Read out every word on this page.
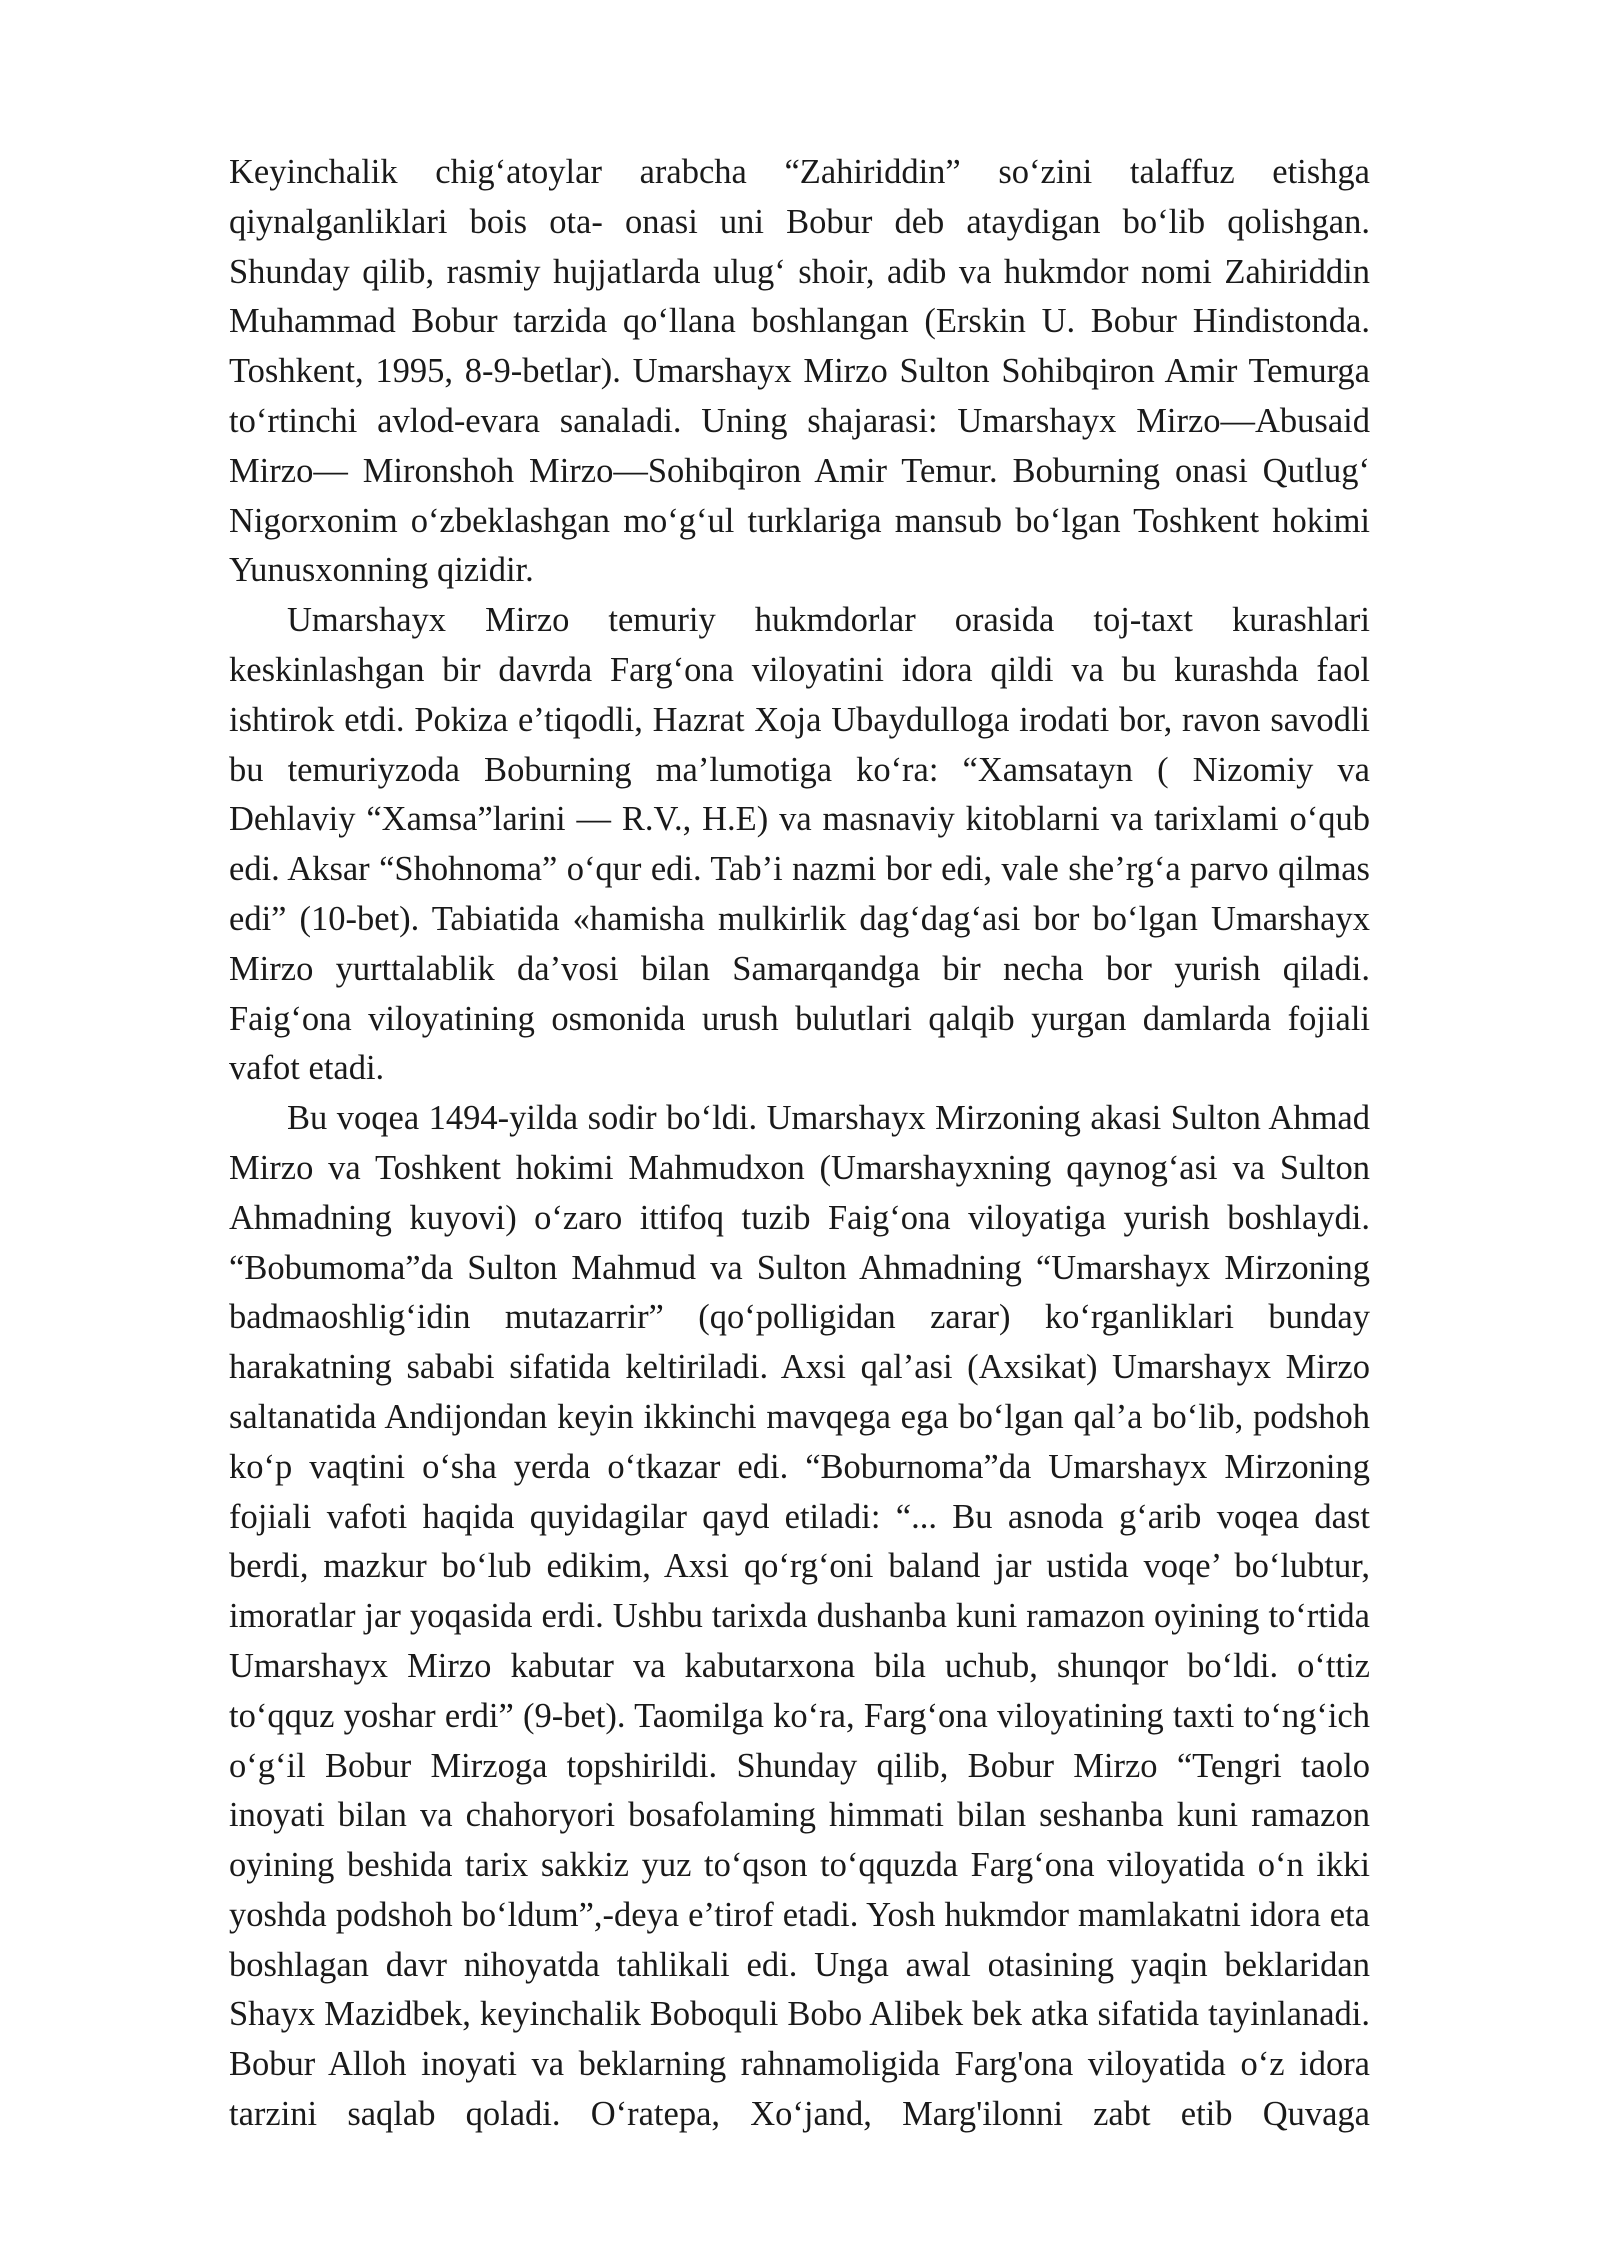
Keyinchalik chig‘atoylar arabcha “Zahiriddin” so‘zini talaffuz etishga qiynalganliklari bois ota- onasi uni Bobur deb ataydigan bo‘lib qolishgan. Shunday qilib, rasmiy hujjatlarda ulug‘ shoir, adib va hukmdor nomi Zahiriddin Muhammad Bobur tarzida qo‘llana boshlangan (Erskin U. Bobur Hindistonda. Toshkent, 1995, 8-9-betlar). Umarshayx Mirzo Sulton Sohibqiron Amir Temurga to‘rtinchi avlod-evara sanaladi. Uning shajarasi: Umarshayx Mirzo—Abusaid Mirzo— Mironshoh Mirzo—Sohibqiron Amir Temur. Boburning onasi Qutlug‘ Nigorxonim o‘zbeklashgan mo‘g‘ul turklariga mansub bo‘lgan Toshkent hokimi Yunusxonning qizidir.

Umarshayx Mirzo temuriy hukmdorlar orasida toj-taxt kurashlari keskinlashgan bir davrda Farg‘ona viloyatini idora qildi va bu kurashda faol ishtirok etdi. Pokiza e’tiqodli, Hazrat Xoja Ubaydulloga irodati bor, ravon savodli bu temuriyzoda Boburning ma’lumotiga ko‘ra: “Xamsatayn ( Nizomiy va Dehlaviy “Xamsa”larini — R.V., H.E) va masnaviy kitoblarni va tarixlami o‘qub edi. Aksar “Shohnoma” o‘qur edi. Tab’i nazmi bor edi, vale she’rg‘a parvo qilmas edi” (10-bet). Tabiatida «hamisha mulkirlik dag‘dag‘asi bor bo‘lgan Umarshayx Mirzo yurttalablik da’vosi bilan Samarqandga bir necha bor yurish qiladi. Faig‘ona viloyatining osmonida urush bulutlari qalqib yurgan damlarda fojiali vafot etadi.

Bu voqea 1494-yilda sodir bo‘ldi. Umarshayx Mirzoning akasi Sulton Ahmad Mirzo va Toshkent hokimi Mahmudxon (Umarshayxning qaynog‘asi va Sulton Ahmadning kuyovi) o‘zaro ittifoq tuzib Faig‘ona viloyatiga yurish boshlaydi. “Bobumoma”da Sulton Mahmud va Sulton Ahmadning “Umarshayx Mirzoning badmaoshlig‘idin mutazarrir” (qo‘polligidan zarar) ko‘rganliklari bunday harakatning sababi sifatida keltiriladi. Axsi qal’asi (Axsikat) Umarshayx Mirzo saltanatida Andijondan keyin ikkinchi mavqega ega bo‘lgan qal’a bo‘lib, podshoh ko‘p vaqtini o‘sha yerda o‘tkazar edi. “Boburnoma”da Umarshayx Mirzoning fojiali vafoti haqida quyidagilar qayd etiladi: “... Bu asnoda g‘arib voqea dast berdi, mazkur bo‘lub edikim, Axsi qo‘rg‘oni baland jar ustida voqe’ bo‘lubtur, imoratlar jar yoqasida erdi. Ushbu tarixda dushanba kuni ramazon oyining to‘rtida Umarshayx Mirzo kabutar va kabutarxona bila uchub, shunqor bo‘ldi. o‘ttiz to‘qquz yoshar erdi” (9-bet). Taomilga ko‘ra, Farg‘ona viloyatining taxti to‘ng‘ich o‘g‘il Bobur Mirzoga topshirildi. Shunday qilib, Bobur Mirzo “Tengri taolo inoyati bilan va chahoryori bosafolaming himmati bilan seshanba kuni ramazon oyining beshida tarix sakkiz yuz to‘qson to‘qquzda Farg‘ona viloyatida o‘n ikki yoshda podshoh bo‘ldum”,-deya e’tirof etadi. Yosh hukmdor mamlakatni idora eta boshlagan davr nihoyatda tahlikali edi. Unga awal otasining yaqin beklaridan Shayx Mazidbek, keyinchalik Boboquli Bobo Alibek bek atka sifatida tayinlanadi. Bobur Alloh inoyati va beklarning rahnamoligida Farg'ona viloyatida o‘z idora tarzini saqlab qoladi. O‘ratepa, Xo‘jand, Marg'ilonni zabt etib Quvaga
